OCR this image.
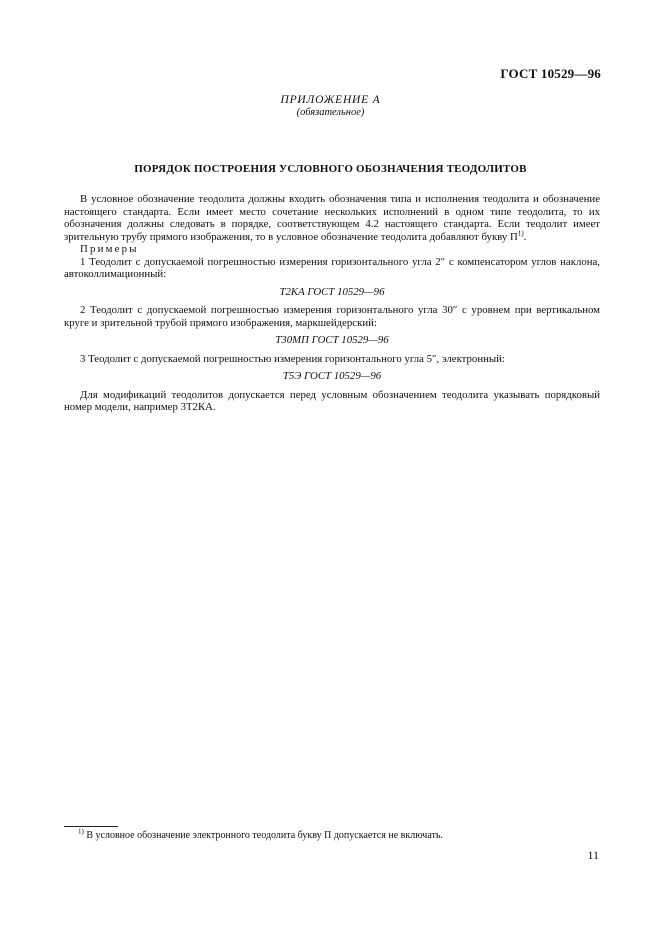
ГОСТ 10529—96
ПРИЛОЖЕНИЕ А
(обязательное)
ПОРЯДОК ПОСТРОЕНИЯ УСЛОВНОГО ОБОЗНАЧЕНИЯ ТЕОДОЛИТОВ

В условное обозначение теодолита должны входить обозначения типа и исполнения теодолита и обозначение настоящего стандарта. Если имеет место сочетание нескольких исполнений в одном типе теодолита, то их обозначения должны следовать в порядке, соответствующем 4.2 настоящего стандарта. Если теодолит имеет зрительную трубу прямого изображения, то в условное обозначение теодолита добавляют букву $П^{1)}$.

Примеры

1 Теодолит с допускаемой погрешностью измерения горизонтального угла 2″ с компенсатором углов наклона, автоколлимационный:

Т2КА ГОСТ 10529—96

2 Теодолит с допускаемой погрешностью измерения горизонтального угла 30″ с уровнем при вертикальном круге и зрительной трубой прямого изображения, маркшейдерский:

Т30МП ГОСТ 10529—96

3 Теодолит с допускаемой погрешностью измерения горизонтального угла 5″, электронный:

Т5Э ГОСТ 10529—96

Для модификаций теодолитов допускается перед условным обозначением теодолита указывать порядковый номер модели, например 3Т2КА.

$^{1)}$ В условное обозначение электронного теодолита букву П допускается не включать.
11
